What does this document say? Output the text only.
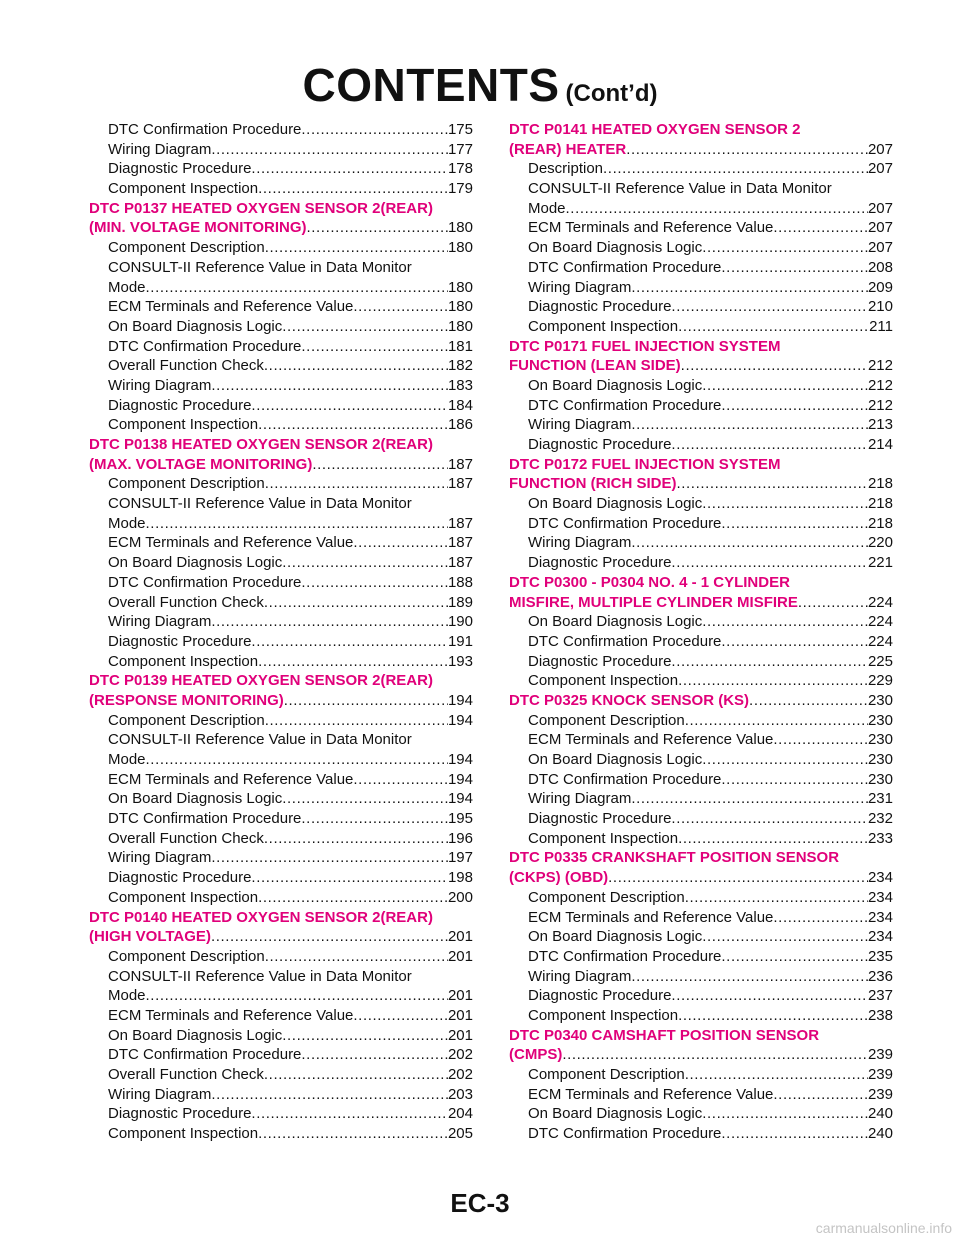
CONTENTS (Cont’d)
DTC Confirmation Procedure .....	175
Wiring Diagram .....	177
Diagnostic Procedure .....	178
Component Inspection .....	179
DTC P0137 HEATED OXYGEN SENSOR 2(REAR)
(MIN. VOLTAGE MONITORING) .....	180
Component Description .....	180
CONSULT-II Reference Value in Data Monitor
Mode .....	180
ECM Terminals and Reference Value .....	180
On Board Diagnosis Logic .....	180
DTC Confirmation Procedure .....	181
Overall Function Check .....	182
Wiring Diagram .....	183
Diagnostic Procedure .....	184
Component Inspection .....	186
DTC P0138 HEATED OXYGEN SENSOR 2(REAR)
(MAX. VOLTAGE MONITORING) .....	187
Component Description .....	187
CONSULT-II Reference Value in Data Monitor
Mode .....	187
ECM Terminals and Reference Value .....	187
On Board Diagnosis Logic .....	187
DTC Confirmation Procedure .....	188
Overall Function Check .....	189
Wiring Diagram .....	190
Diagnostic Procedure .....	191
Component Inspection .....	193
DTC P0139 HEATED OXYGEN SENSOR 2(REAR)
(RESPONSE MONITORING) .....	194
Component Description .....	194
CONSULT-II Reference Value in Data Monitor
Mode .....	194
ECM Terminals and Reference Value .....	194
On Board Diagnosis Logic .....	194
DTC Confirmation Procedure .....	195
Overall Function Check .....	196
Wiring Diagram .....	197
Diagnostic Procedure .....	198
Component Inspection .....	200
DTC P0140 HEATED OXYGEN SENSOR 2(REAR)
(HIGH VOLTAGE) .....	201
Component Description .....	201
CONSULT-II Reference Value in Data Monitor
Mode .....	201
ECM Terminals and Reference Value .....	201
On Board Diagnosis Logic .....	201
DTC Confirmation Procedure .....	202
Overall Function Check .....	202
Wiring Diagram .....	203
Diagnostic Procedure .....	204
Component Inspection .....	205
DTC P0141 HEATED OXYGEN SENSOR 2
(REAR) HEATER .....	207
Description .....	207
CONSULT-II Reference Value in Data Monitor
Mode .....	207
ECM Terminals and Reference Value .....	207
On Board Diagnosis Logic .....	207
DTC Confirmation Procedure .....	208
Wiring Diagram .....	209
Diagnostic Procedure .....	210
Component Inspection .....	211
DTC P0171 FUEL INJECTION SYSTEM
FUNCTION (LEAN SIDE) .....	212
On Board Diagnosis Logic .....	212
DTC Confirmation Procedure .....	212
Wiring Diagram .....	213
Diagnostic Procedure .....	214
DTC P0172 FUEL INJECTION SYSTEM
FUNCTION (RICH SIDE) .....	218
On Board Diagnosis Logic .....	218
DTC Confirmation Procedure .....	218
Wiring Diagram .....	220
Diagnostic Procedure .....	221
DTC P0300 - P0304 NO. 4 - 1 CYLINDER
MISFIRE, MULTIPLE CYLINDER MISFIRE .....	224
On Board Diagnosis Logic .....	224
DTC Confirmation Procedure .....	224
Diagnostic Procedure .....	225
Component Inspection .....	229
DTC P0325 KNOCK SENSOR (KS) .....	230
Component Description .....	230
ECM Terminals and Reference Value .....	230
On Board Diagnosis Logic .....	230
DTC Confirmation Procedure .....	230
Wiring Diagram .....	231
Diagnostic Procedure .....	232
Component Inspection .....	233
DTC P0335 CRANKSHAFT POSITION SENSOR
(CKPS) (OBD) .....	234
Component Description .....	234
ECM Terminals and Reference Value .....	234
On Board Diagnosis Logic .....	234
DTC Confirmation Procedure .....	235
Wiring Diagram .....	236
Diagnostic Procedure .....	237
Component Inspection .....	238
DTC P0340 CAMSHAFT POSITION SENSOR
(CMPS) .....	239
Component Description .....	239
ECM Terminals and Reference Value .....	239
On Board Diagnosis Logic .....	240
DTC Confirmation Procedure .....	240
EC-3
carmanualsonline.info
